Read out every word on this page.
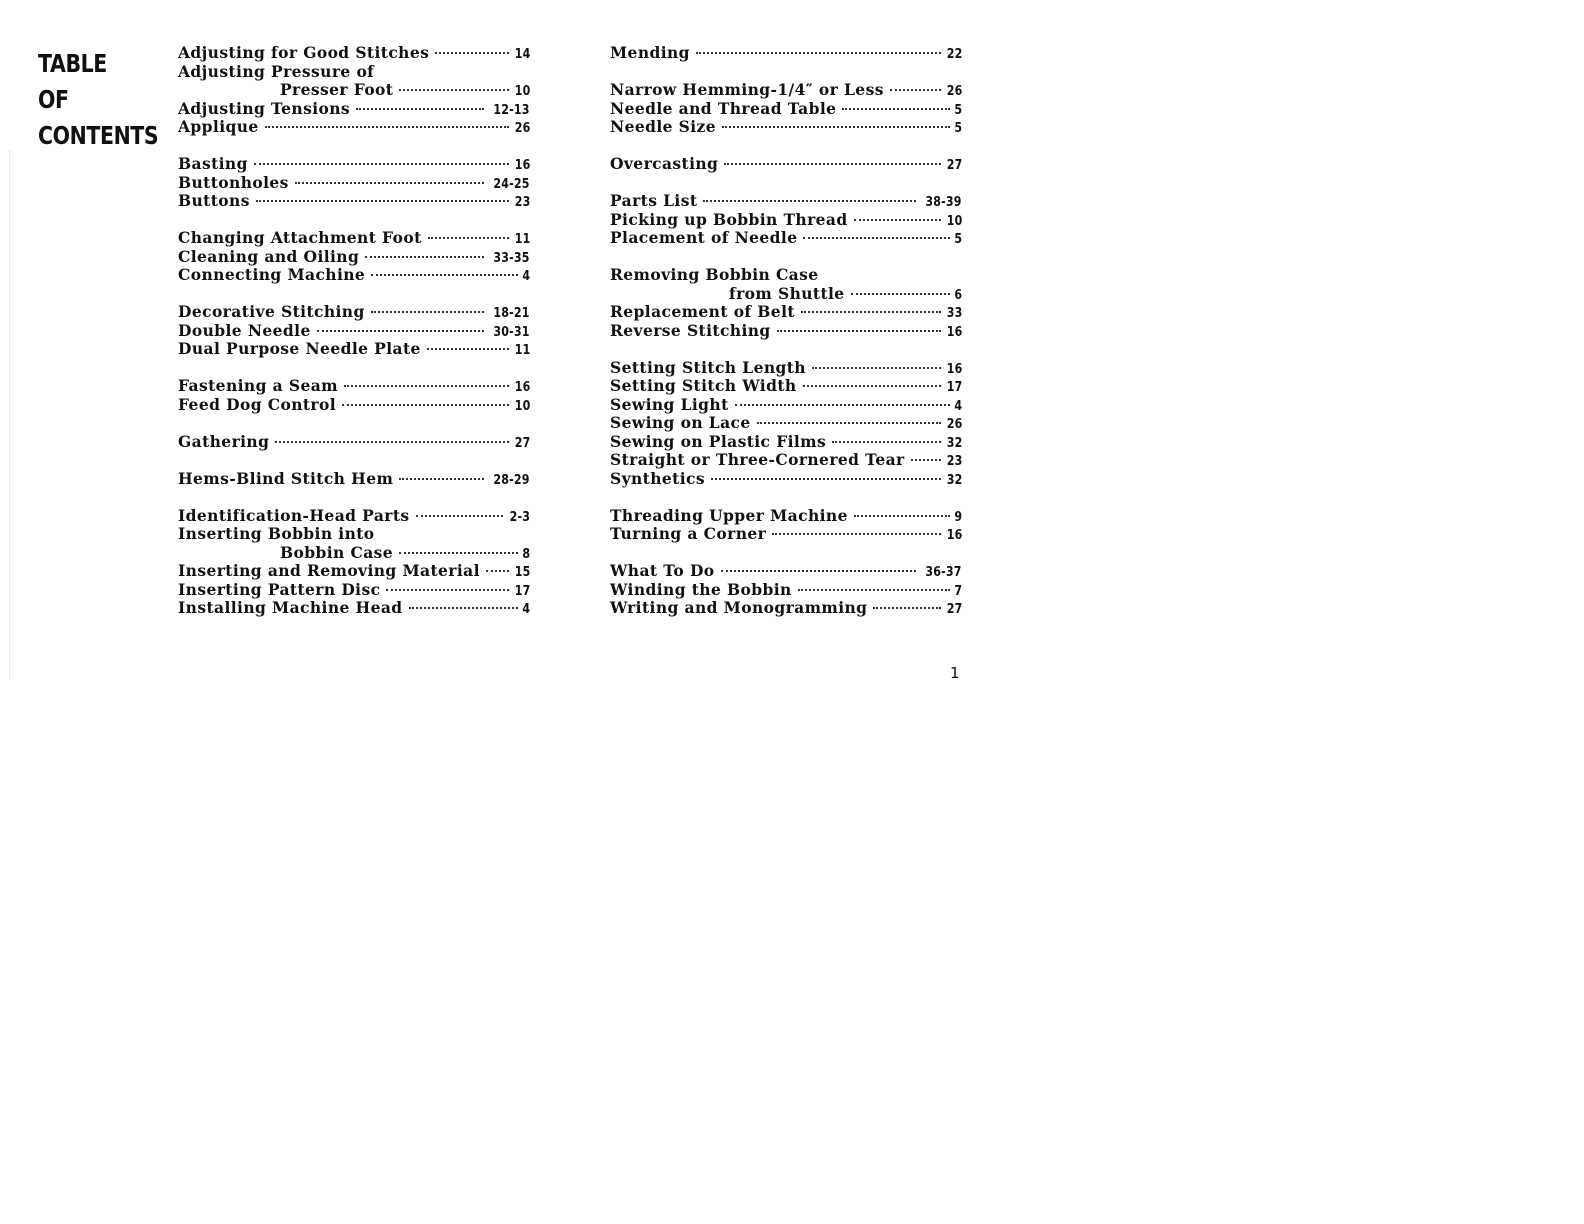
TABLE OF
CONTENTS
Adjusting for Good Stitches	14
Adjusting Pressure of
Presser Foot	10
Adjusting Tensions	12-13
Applique	26
Basting	16
Buttonholes	24-25
Buttons	23
Changing Attachment Foot	11
Cleaning and Oiling	33-35
Connecting Machine	4
Decorative Stitching	18-21
Double Needle	30-31
Dual Purpose Needle Plate	11
Fastening a Seam	16
Feed Dog Control	10
Gathering	27
Hems-Blind Stitch Hem	28-29
Identification-Head Parts	2-3
Inserting Bobbin into
Bobbin Case	8
Inserting and Removing Material	15
Inserting Pattern Disc	17
Installing Machine Head	4
Mending	22
Narrow Hemming-1/4″ or Less	26
Needle and Thread Table	5
Needle Size	5
Overcasting	27
Parts List	38-39
Picking up Bobbin Thread	10
Placement of Needle	5
Removing Bobbin Case
from Shuttle	6
Replacement of Belt	33
Reverse Stitching	16
Setting Stitch Length	16
Setting Stitch Width	17
Sewing Light	4
Sewing on Lace	26
Sewing on Plastic Films	32
Straight or Three-Cornered Tear	23
Synthetics	32
Threading Upper Machine	9
Turning a Corner	16
What To Do	36-37
Winding the Bobbin	7
Writing and Monogramming	27
1
